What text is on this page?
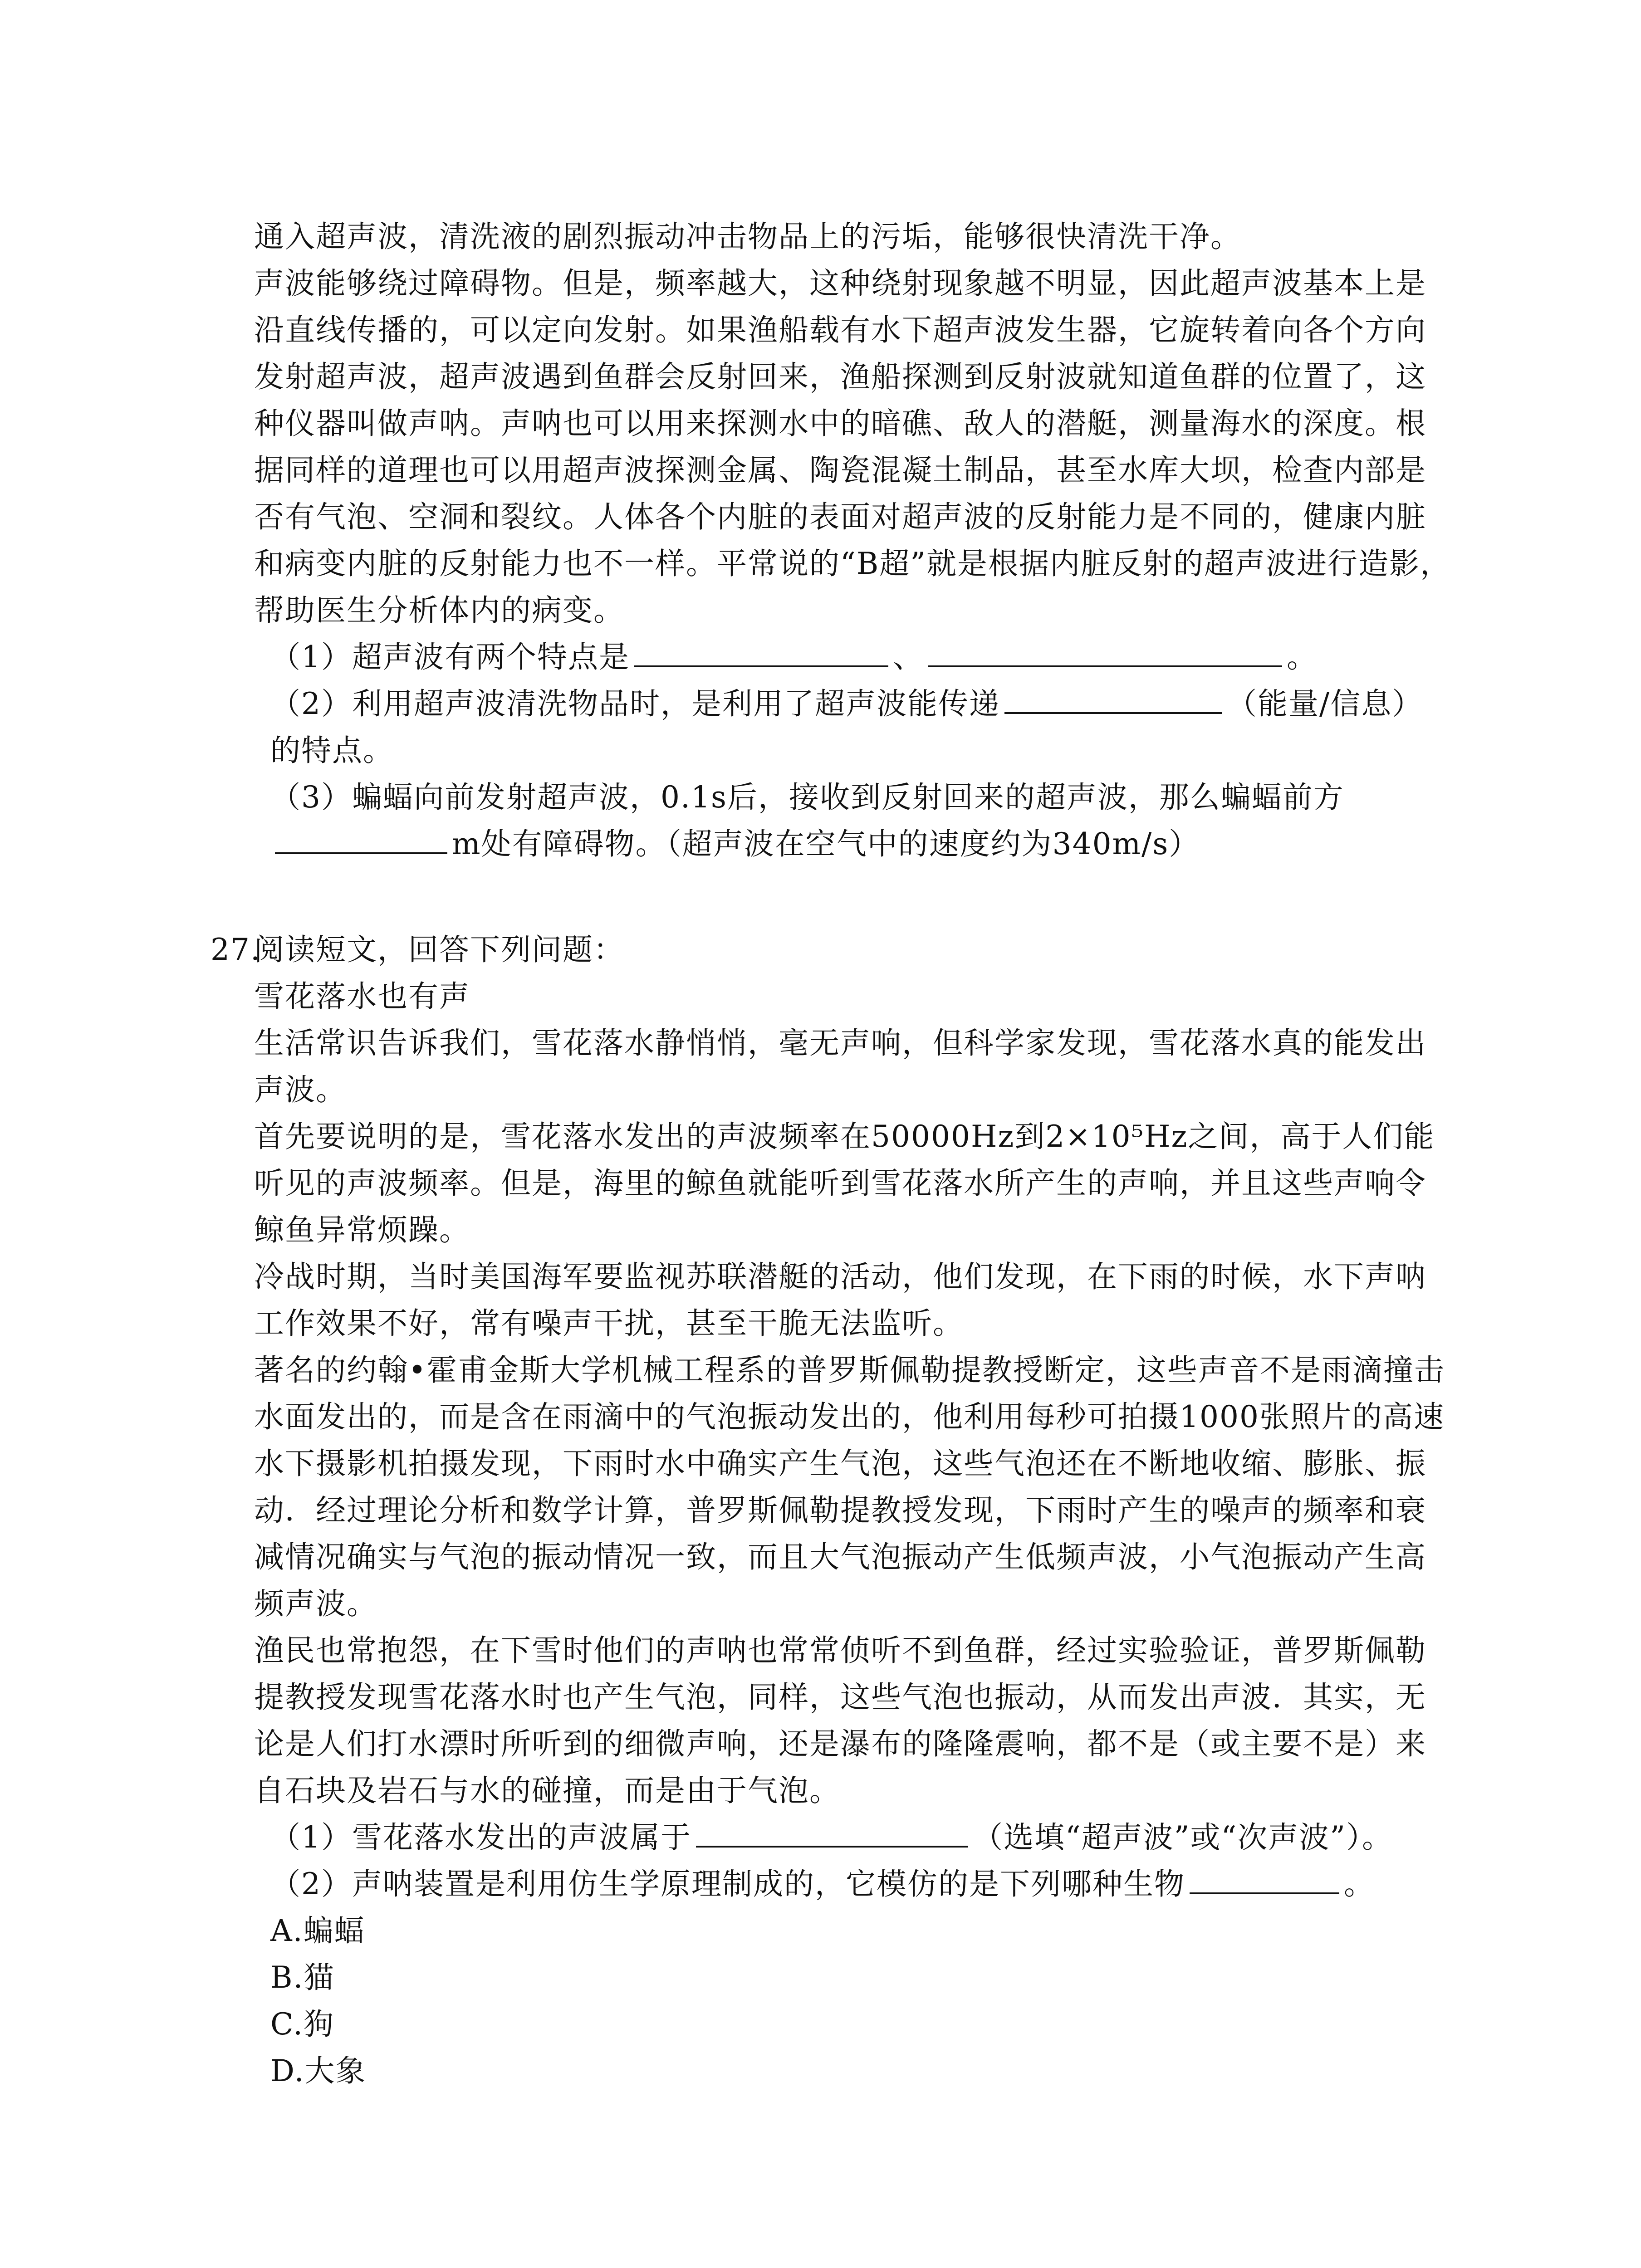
通入超声波，清洗液的剧烈振动冲击物品上的污垢，能够很快清洗干净。

声波能够绕过障碍物。但是，频率越大，这种绕射现象越不明显，因此超声波基本上是沿直线传播的，可以定向发射。如果渔船载有水下超声波发生器，它旋转着向各个方向发射超声波，超声波遇到鱼群会反射回来，渔船探测到反射波就知道鱼群的位置了，这种仪器叫做声呐。声呐也可以用来探测水中的暗礁、敌人的潜艇，测量海水的深度。根据同样的道理也可以用超声波探测金属、陶瓷混凝土制品，甚至水库大坝，检查内部是否有气泡、空洞和裂纹。人体各个内脏的表面对超声波的反射能力是不同的，健康内脏和病变内脏的反射能力也不一样。平常说的“B超”就是根据内脏反射的超声波进行造影，帮助医生分析体内的病变。

（1）超声波有两个特点是	、	。

（2）利用超声波清洗物品时，是利用了超声波能传递	（能量/信息）
的特点。

（3）蝙蝠向前发射超声波，0.1s后，接收到反射回来的超声波，那么蝙蝠前方
m处有障碍物。（超声波在空气中的速度约为340m/s）

27.
阅读短文，回答下列问题：

雪花落水也有声

生活常识告诉我们，雪花落水静悄悄，毫无声响，但科学家发现，雪花落水真的能发出声波。

首先要说明的是，雪花落水发出的声波频率在50000Hz到2×10⁵Hz之间，高于人们能听见的声波频率。但是，海里的鲸鱼就能听到雪花落水所产生的声响，并且这些声响令鲸鱼异常烦躁。

冷战时期，当时美国海军要监视苏联潜艇的活动，他们发现，在下雨的时候，水下声呐工作效果不好，常有噪声干扰，甚至干脆无法监听。

著名的约翰•霍甫金斯大学机械工程系的普罗斯佩勒提教授断定，这些声音不是雨滴撞击水面发出的，而是含在雨滴中的气泡振动发出的，他利用每秒可拍摄1000张照片的高速水下摄影机拍摄发现，下雨时水中确实产生气泡，这些气泡还在不断地收缩、膨胀、振动．经过理论分析和数学计算，普罗斯佩勒提教授发现，下雨时产生的噪声的频率和衰减情况确实与气泡的振动情况一致，而且大气泡振动产生低频声波，小气泡振动产生高频声波。

渔民也常抱怨，在下雪时他们的声呐也常常侦听不到鱼群，经过实验验证，普罗斯佩勒提教授发现雪花落水时也产生气泡，同样，这些气泡也振动，从而发出声波．其实，无论是人们打水漂时所听到的细微声响，还是瀑布的隆隆震响，都不是（或主要不是）来自石块及岩石与水的碰撞，而是由于气泡。

（1）雪花落水发出的声波属于	（选填“超声波”或“次声波”）。

（2）声呐装置是利用仿生学原理制成的，它模仿的是下列哪种生物	。

A.蝙蝠

B.猫

C.狗

D.大象
